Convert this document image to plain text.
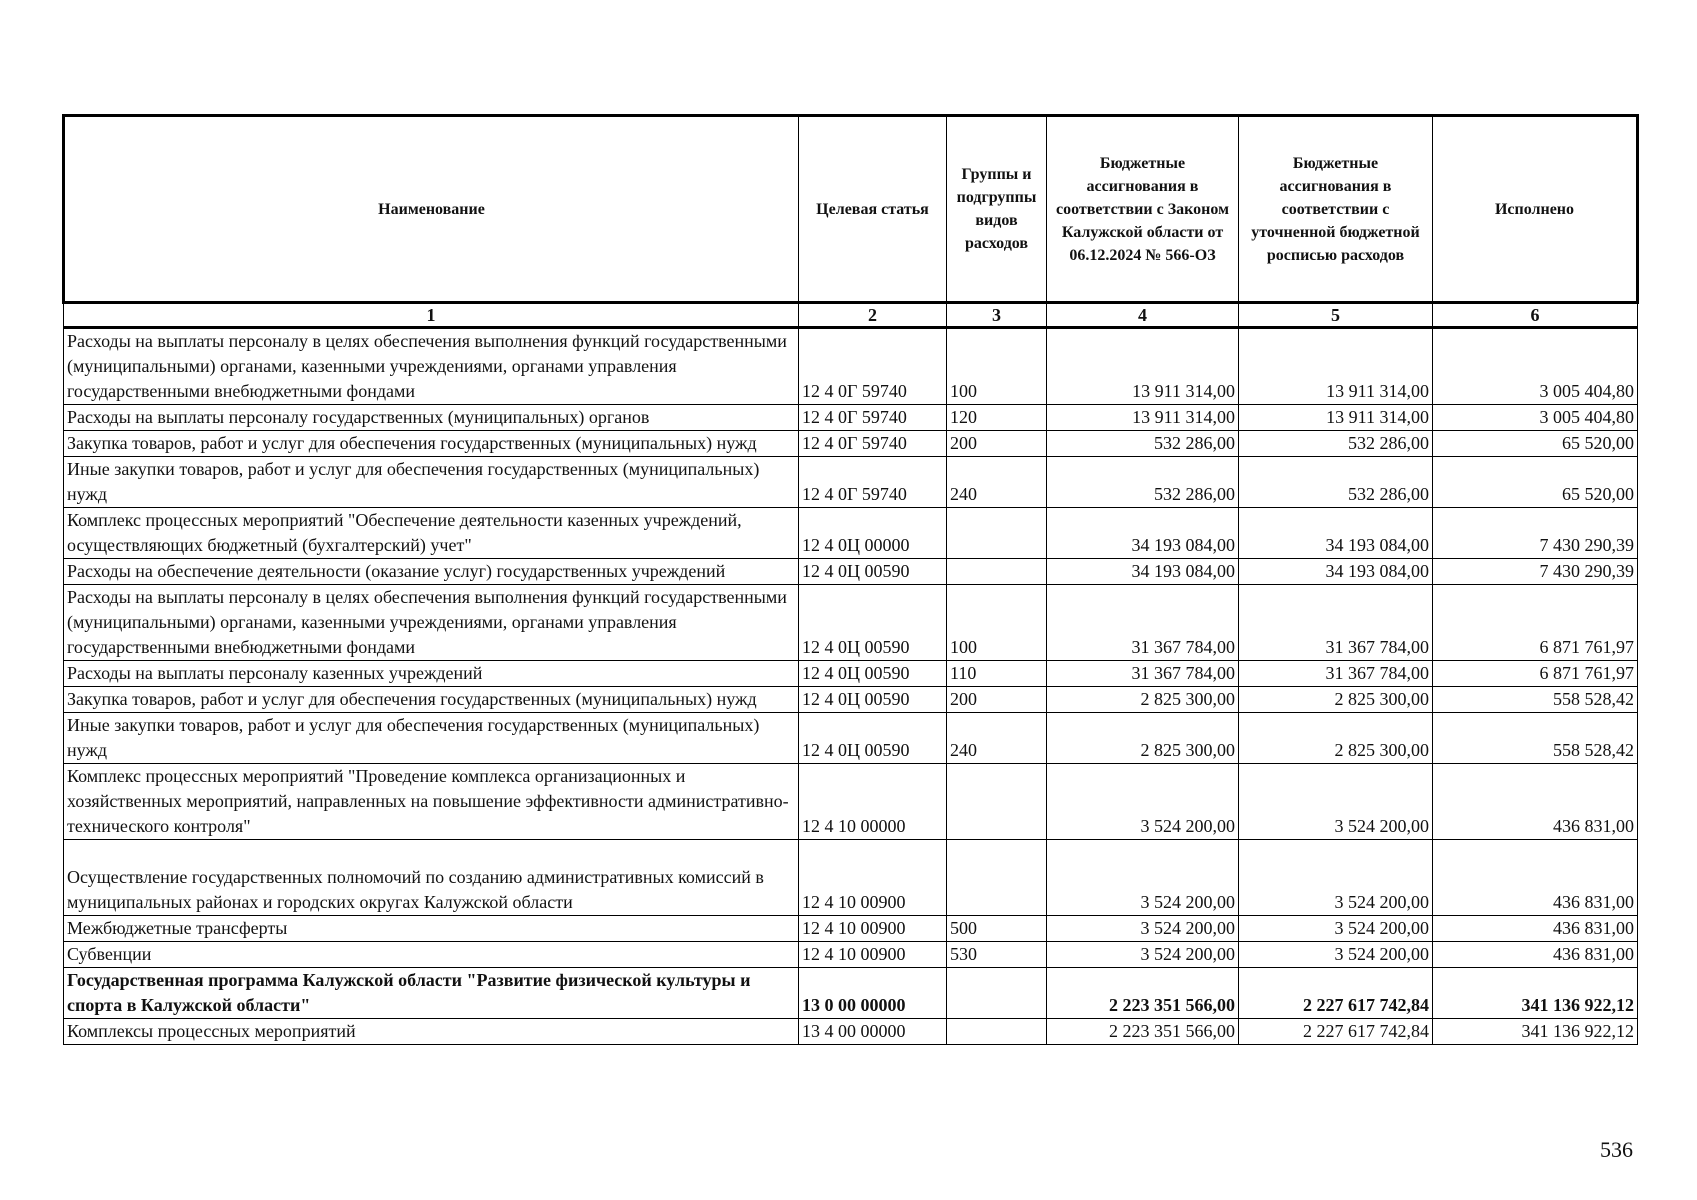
Наименование	Целевая статья	Группы и подгруппы видов расходов	Бюджетные ассигнования в соответствии с Законом Калужской области от 06.12.2024 № 566-ОЗ	Бюджетные ассигнования в соответствии с уточненной бюджетной росписью расходов	Исполнено
1	2	3	4	5	6
Расходы на выплаты персоналу в целях обеспечения выполнения функций государственными (муниципальными) органами, казенными учреждениями, органами управления государственными внебюджетными фондами	12 4 0Г 59740	100	13 911 314,00	13 911 314,00	3 005 404,80
Расходы на выплаты персоналу государственных (муниципальных) органов	12 4 0Г 59740	120	13 911 314,00	13 911 314,00	3 005 404,80
Закупка товаров, работ и услуг для обеспечения государственных (муниципальных) нужд	12 4 0Г 59740	200	532 286,00	532 286,00	65 520,00
Иные закупки товаров, работ и услуг для обеспечения государственных (муниципальных) нужд	12 4 0Г 59740	240	532 286,00	532 286,00	65 520,00
Комплекс процессных мероприятий "Обеспечение деятельности казенных учреждений, осуществляющих бюджетный (бухгалтерский) учет"	12 4 0Ц 00000		34 193 084,00	34 193 084,00	7 430 290,39
Расходы на обеспечение деятельности (оказание услуг) государственных учреждений	12 4 0Ц 00590		34 193 084,00	34 193 084,00	7 430 290,39
Расходы на выплаты персоналу в целях обеспечения выполнения функций государственными (муниципальными) органами, казенными учреждениями, органами управления государственными внебюджетными фондами	12 4 0Ц 00590	100	31 367 784,00	31 367 784,00	6 871 761,97
Расходы на выплаты персоналу казенных учреждений	12 4 0Ц 00590	110	31 367 784,00	31 367 784,00	6 871 761,97
Закупка товаров, работ и услуг для обеспечения государственных (муниципальных) нужд	12 4 0Ц 00590	200	2 825 300,00	2 825 300,00	558 528,42
Иные закупки товаров, работ и услуг для обеспечения государственных (муниципальных) нужд	12 4 0Ц 00590	240	2 825 300,00	2 825 300,00	558 528,42
Комплекс процессных мероприятий "Проведение комплекса организационных и хозяйственных мероприятий, направленных на повышение эффективности административно-технического контроля"	12 4 10 00000		3 524 200,00	3 524 200,00	436 831,00
Осуществление государственных полномочий по созданию административных комиссий в муниципальных районах и городских округах Калужской области	12 4 10 00900		3 524 200,00	3 524 200,00	436 831,00
Межбюджетные трансферты	12 4 10 00900	500	3 524 200,00	3 524 200,00	436 831,00
Субвенции	12 4 10 00900	530	3 524 200,00	3 524 200,00	436 831,00
Государственная программа Калужской области "Развитие физической культуры и спорта в Калужской области"	13 0 00 00000		2 223 351 566,00	2 227 617 742,84	341 136 922,12
Комплексы процессных мероприятий	13 4 00 00000		2 223 351 566,00	2 227 617 742,84	341 136 922,12
536
